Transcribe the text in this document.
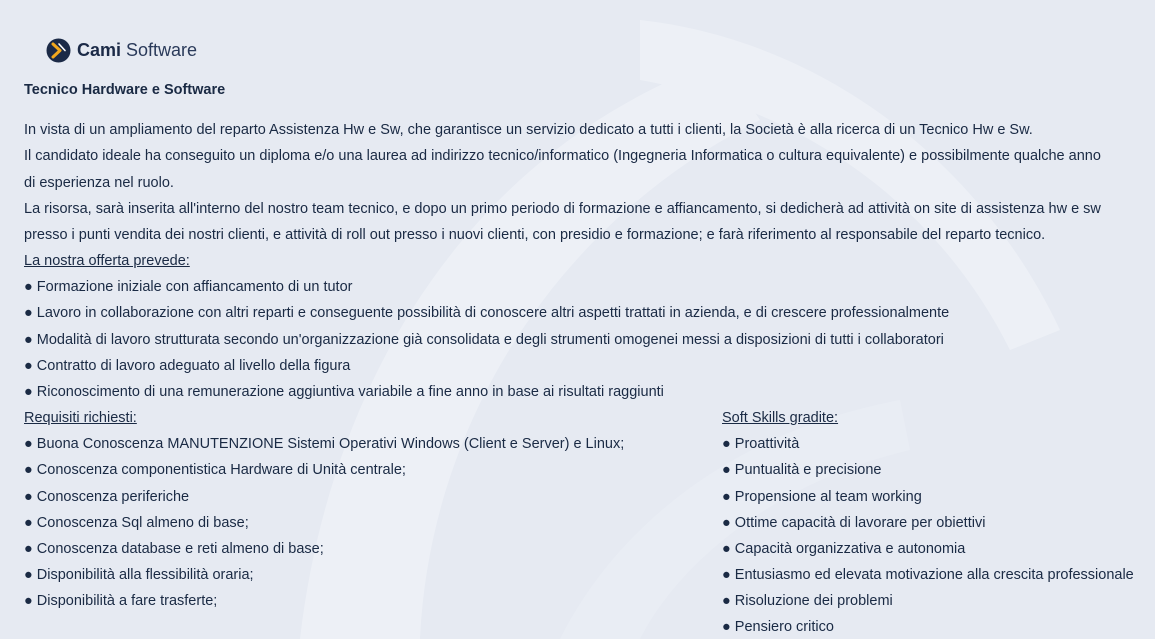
Cami Software
Tecnico Hardware e Software
In vista di un ampliamento del reparto Assistenza Hw e Sw, che garantisce un servizio dedicato a tutti i clienti, la Società è alla ricerca di un Tecnico Hw e Sw.
Il candidato ideale ha conseguito un diploma e/o una laurea ad indirizzo tecnico/informatico (Ingegneria Informatica o cultura equivalente) e possibilmente qualche anno
di esperienza nel ruolo.
La risorsa, sarà inserita all'interno del nostro team tecnico, e dopo un primo periodo di formazione e affiancamento, si dedicherà ad attività on site di assistenza hw e sw
presso i punti vendita dei nostri clienti, e attività di roll out presso i nuovi clienti, con presidio e formazione; e farà riferimento al responsabile del reparto tecnico.
La nostra offerta prevede:
● Formazione iniziale con affiancamento di un tutor
● Lavoro in collaborazione con altri reparti e conseguente possibilità di conoscere altri aspetti trattati in azienda, e di crescere professionalmente
● Modalità di lavoro strutturata secondo un'organizzazione già consolidata e degli strumenti omogenei messi a disposizioni di tutti i collaboratori
● Contratto di lavoro adeguato al livello della figura
● Riconoscimento di una remunerazione aggiuntiva variabile a fine anno in base ai risultati raggiunti
Requisiti richiesti:
● Buona Conoscenza MANUTENZIONE Sistemi Operativi Windows (Client e Server) e Linux;
● Conoscenza componentistica Hardware di Unità centrale;
● Conoscenza periferiche
● Conoscenza Sql almeno di base;
● Conoscenza database e reti almeno di base;
● Disponibilità alla flessibilità oraria;
● Disponibilità a fare trasferte;
Soft Skills gradite:
● Proattività
● Puntualità e precisione
● Propensione al team working
● Ottime capacità di lavorare per obiettivi
● Capacità organizzativa e autonomia
● Entusiasmo ed elevata motivazione alla crescita professionale
● Risoluzione dei problemi
● Pensiero critico
